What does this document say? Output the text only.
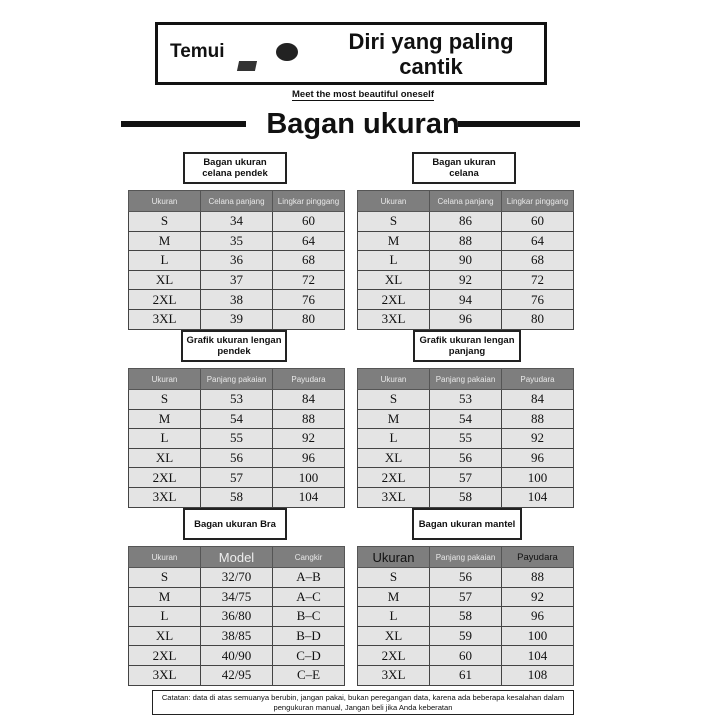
Temui	Diri yang paling cantik
Meet the most beautiful oneself
Bagan ukuran
Bagan ukuran celana pendek
Ukuran	Celana panjang	Lingkar pinggang
S	34	60
M	35	64
L	36	68
XL	37	72
2XL	38	76
3XL	39	80
Bagan ukuran celana
Ukuran	Celana panjang	Lingkar pinggang
S	86	60
M	88	64
L	90	68
XL	92	72
2XL	94	76
3XL	96	80
Grafik ukuran lengan pendek
Ukuran	Panjang pakaian	Payudara
S	53	84
M	54	88
L	55	92
XL	56	96
2XL	57	100
3XL	58	104
Grafik ukuran lengan panjang
Ukuran	Panjang pakaian	Payudara
S	53	84
M	54	88
L	55	92
XL	56	96
2XL	57	100
3XL	58	104
Bagan ukuran Bra
Ukuran	Model	Cangkir
S	32/70	A–B
M	34/75	A–C
L	36/80	B–C
XL	38/85	B–D
2XL	40/90	C–D
3XL	42/95	C–E
Bagan ukuran mantel
Ukuran	Panjang pakaian	Payudara
S	56	88
M	57	92
L	58	96
XL	59	100
2XL	60	104
3XL	61	108
Catatan: data di atas semuanya berubin, jangan pakai, bukan peregangan data, karena ada beberapa kesalahan dalam pengukuran manual, Jangan beli jika Anda keberatan
